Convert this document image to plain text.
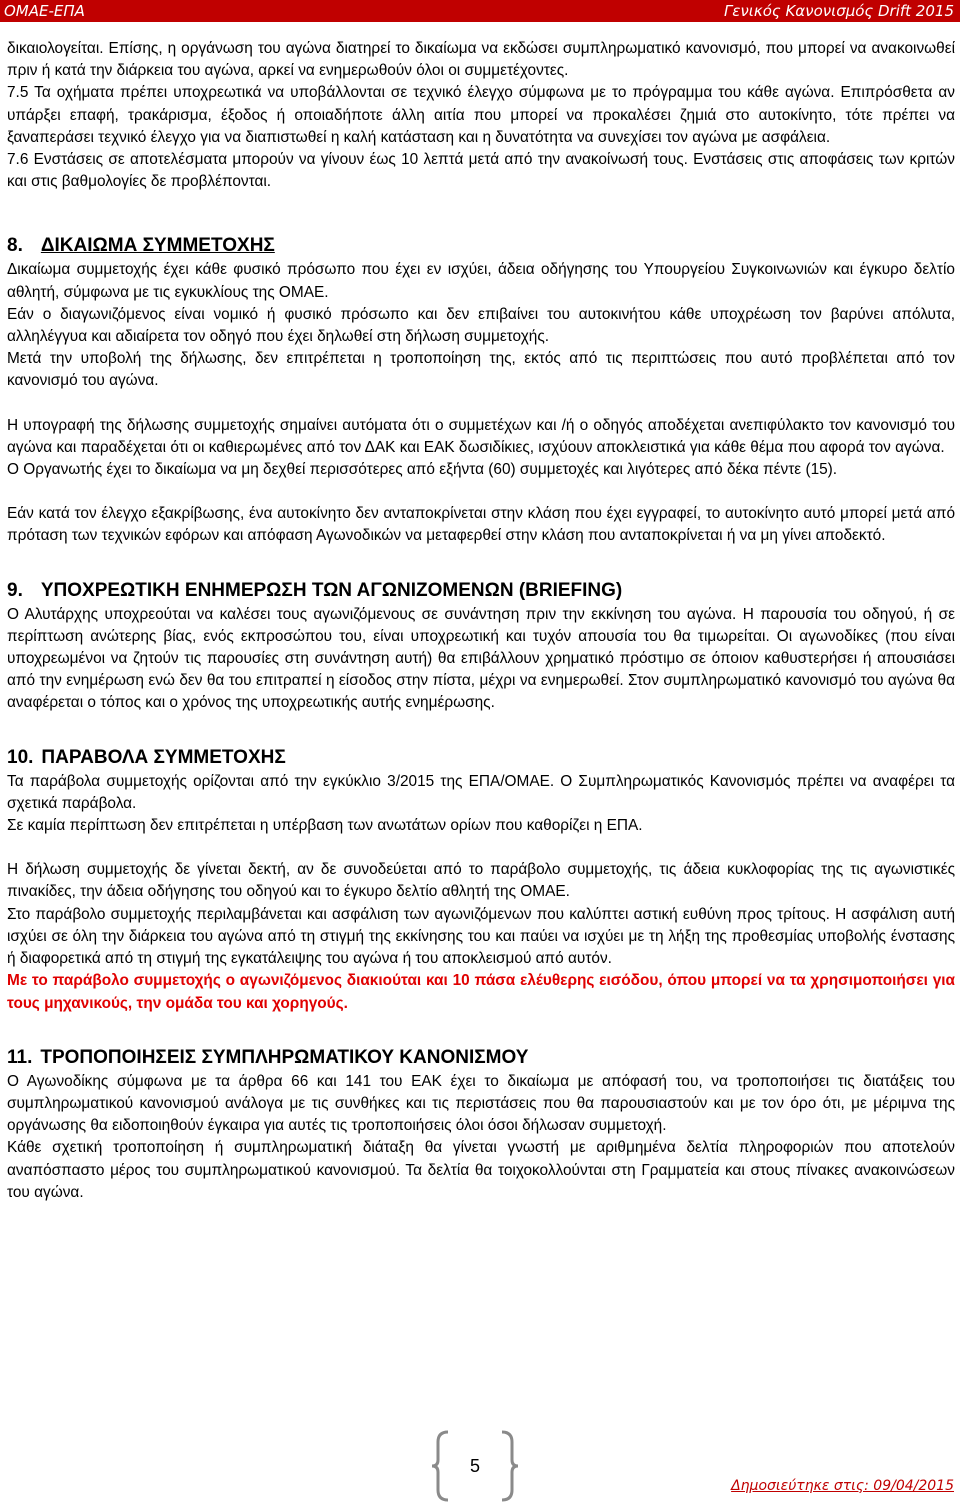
ΟΜΑΕ-ΕΠΑ	Γενικός Κανονισμός Drift 2015

δικαιολογείται. Επίσης, η οργάνωση του αγώνα διατηρεί το δικαίωμα να εκδώσει συμπληρωματικό κανονισμό, που μπορεί να ανακοινωθεί πριν ή κατά την διάρκεια του αγώνα, αρκεί να ενημερωθούν όλοι οι συμμετέχοντες.

7.5 Τα οχήματα πρέπει υποχρεωτικά να υποβάλλονται σε τεχνικό έλεγχο σύμφωνα με το πρόγραμμα του κάθε αγώνα. Επιπρόσθετα αν υπάρξει επαφή, τρακάρισμα, έξοδος ή οποιαδήποτε άλλη αιτία που μπορεί να προκαλέσει ζημιά στο αυτοκίνητο, τότε πρέπει να ξαναπεράσει τεχνικό έλεγχο για να διαπιστωθεί η καλή κατάσταση και η δυνατότητα να συνεχίσει τον αγώνα με ασφάλεια.

7.6 Ενστάσεις σε αποτελέσματα μπορούν να γίνουν έως 10 λεπτά μετά από την ανακοίνωσή τους. Ενστάσεις στις αποφάσεις των κριτών και στις βαθμολογίες δε προβλέπονται.

8. ΔΙΚΑΙΩΜΑ ΣΥΜΜΕΤΟΧΗΣ

Δικαίωμα συμμετοχής έχει κάθε φυσικό πρόσωπο που έχει εν ισχύει, άδεια οδήγησης του Υπουργείου Συγκοινωνιών και έγκυρο δελτίο αθλητή, σύμφωνα με τις εγκυκλίους της ΟΜΑΕ.

Εάν ο διαγωνιζόμενος είναι νομικό ή φυσικό πρόσωπο και δεν επιβαίνει του αυτοκινήτου κάθε υποχρέωση τον βαρύνει απόλυτα, αλληλέγγυα και αδιαίρετα τον οδηγό που έχει δηλωθεί στη δήλωση συμμετοχής.

Μετά την υποβολή της δήλωσης, δεν επιτρέπεται η τροποποίηση της, εκτός από τις περιπτώσεις που αυτό προβλέπεται από τον κανονισμό του αγώνα.

Η υπογραφή της δήλωσης συμμετοχής σημαίνει αυτόματα ότι ο συμμετέχων και /ή ο οδηγός αποδέχεται ανεπιφύλακτο τον κανονισμό του αγώνα και παραδέχεται ότι οι καθιερωμένες από τον ΔΑΚ και ΕΑΚ δωσιδίκιες, ισχύουν αποκλειστικά για κάθε θέμα που αφορά τον αγώνα.

Ο Οργανωτής έχει το δικαίωμα να μη δεχθεί περισσότερες από εξήντα (60) συμμετοχές και λιγότερες από δέκα πέντε (15).

Εάν κατά τον έλεγχο εξακρίβωσης, ένα αυτοκίνητο δεν ανταποκρίνεται στην κλάση που έχει εγγραφεί, το αυτοκίνητο αυτό μπορεί μετά από πρόταση των τεχνικών εφόρων και απόφαση Αγωνοδικών να μεταφερθεί στην κλάση που ανταποκρίνεται ή να μη γίνει αποδεκτό.

9. ΥΠΟΧΡΕΩΤΙΚΗ ΕΝΗΜΕΡΩΣΗ ΤΩΝ ΑΓΩΝΙΖΟΜΕΝΩΝ (BRIEFING)

Ο Αλυτάρχης υποχρεούται να καλέσει τους αγωνιζόμενους σε συνάντηση πριν την εκκίνηση του αγώνα. Η παρουσία του οδηγού, ή σε περίπτωση ανώτερης βίας, ενός εκπροσώπου του, είναι υποχρεωτική και τυχόν απουσία του θα τιμωρείται. Οι αγωνοδίκες (που είναι υποχρεωμένοι να ζητούν τις παρουσίες στη συνάντηση αυτή) θα επιβάλλουν χρηματικό πρόστιμο σε όποιον καθυστερήσει ή απουσιάσει από την ενημέρωση ενώ δεν θα του επιτραπεί η είσοδος στην πίστα, μέχρι να ενημερωθεί. Στον συμπληρωματικό κανονισμό του αγώνα θα αναφέρεται ο τόπος και ο χρόνος της υποχρεωτικής αυτής ενημέρωσης.

10. ΠΑΡΑΒΟΛΑ ΣΥΜΜΕΤΟΧΗΣ

Τα παράβολα συμμετοχής ορίζονται από την εγκύκλιο 3/2015 της ΕΠΑ/ΟΜΑΕ. Ο Συμπληρωματικός Κανονισμός πρέπει να αναφέρει τα σχετικά παράβολα.

Σε καμία περίπτωση δεν επιτρέπεται η υπέρβαση των ανωτάτων ορίων που καθορίζει η ΕΠΑ.

Η δήλωση συμμετοχής δε γίνεται δεκτή, αν δε συνοδεύεται από το παράβολο συμμετοχής, τις άδεια κυκλοφορίας της τις αγωνιστικές πινακίδες, την άδεια οδήγησης του οδηγού και το έγκυρο δελτίο αθλητή της ΟΜΑΕ.

Στο παράβολο συμμετοχής περιλαμβάνεται και ασφάλιση των αγωνιζόμενων που καλύπτει αστική ευθύνη προς τρίτους. Η ασφάλιση αυτή ισχύει σε όλη την διάρκεια του αγώνα από τη στιγμή της εκκίνησης του και παύει να ισχύει με τη λήξη της προθεσμίας υποβολής ένστασης ή διαφορετικά από τη στιγμή της εγκατάλειψης του αγώνα ή του αποκλεισμού από αυτόν.

Με το παράβολο συμμετοχής ο αγωνιζόμενος διακιούται και 10 πάσα ελέυθερης εισόδου, όπου μπορεί να τα χρησιμοποιήσει για τους μηχανικούς, την ομάδα του και χορηγούς.

11. ΤΡΟΠΟΠΟΙΗΣΕΙΣ ΣΥΜΠΛΗΡΩΜΑΤΙΚΟΥ ΚΑΝΟΝΙΣΜΟΥ

Ο Αγωνοδίκης σύμφωνα με τα άρθρα 66 και 141 του ΕΑΚ έχει το δικαίωμα με απόφασή του, να τροποποιήσει τις διατάξεις του συμπληρωματικού κανονισμού ανάλογα με τις συνθήκες και τις περιστάσεις που θα παρουσιαστούν και με τον όρο ότι, με μέριμνα της οργάνωσης θα ειδοποιηθούν έγκαιρα για αυτές τις τροποποιήσεις όλοι όσοι δήλωσαν συμμετοχή.

Κάθε σχετική τροποποίηση ή συμπληρωματική διάταξη θα γίνεται γνωστή με αριθμημένα δελτία πληροφοριών που αποτελούν αναπόσπαστο μέρος του συμπληρωματικού κανονισμού. Τα δελτία θα τοιχοκολλούνται στη Γραμματεία και στους πίνακες ανακοινώσεων του αγώνα.

5
Δημοσιεύτηκε στις: 09/04/2015
